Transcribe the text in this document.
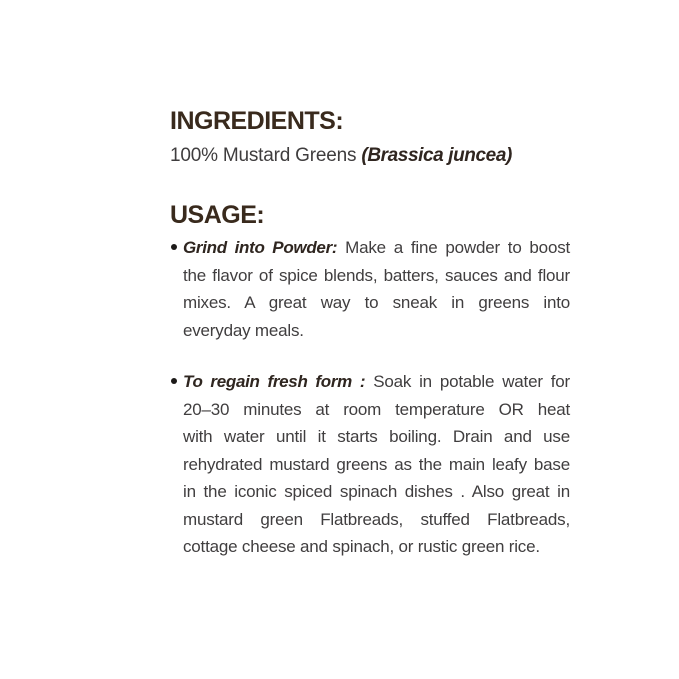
INGREDIENTS:

100% Mustard Greens (Brassica juncea)

USAGE:
Grind into Powder: Make a fine powder to boost
the flavor of spice blends, batters, sauces and flour
mixes. A great way to sneak in greens into
everyday meals.
To regain fresh form : Soak in potable water for
20–30 minutes at room temperature OR heat
with water until it starts boiling. Drain and use
rehydrated mustard greens as the main leafy base
in the iconic spiced spinach dishes . Also great in
mustard green Flatbreads, stuffed Flatbreads,
cottage cheese and spinach, or rustic green rice.
